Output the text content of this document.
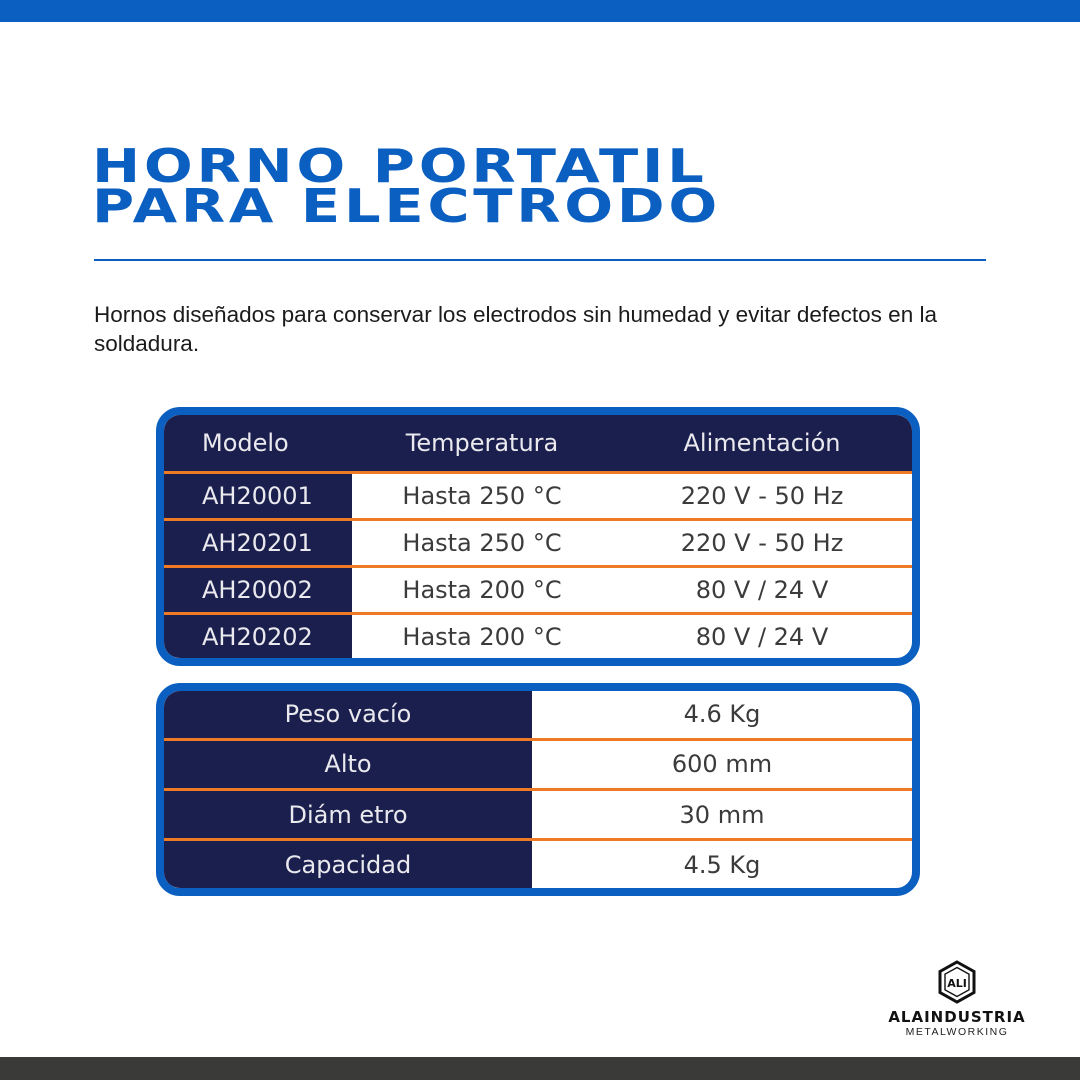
HORNO PORTATIL
PARA ELECTRODO

Hornos diseñados para conservar los electrodos sin humedad y evitar defectos en la soldadura.

Modelo	Temperatura	Alimentación
AH20001	Hasta 250 °C	220 V - 50 Hz
AH20201	Hasta 250 °C	220 V - 50 Hz
AH20002	Hasta 200 °C	80 V / 24 V
AH20202	Hasta 200 °C	80 V / 24 V
Peso vacío	4.6 Kg
Alto	600 mm
Diám etro	30 mm
Capacidad	4.5 Kg
ALI
ALAINDUSTRIA
METALWORKING
